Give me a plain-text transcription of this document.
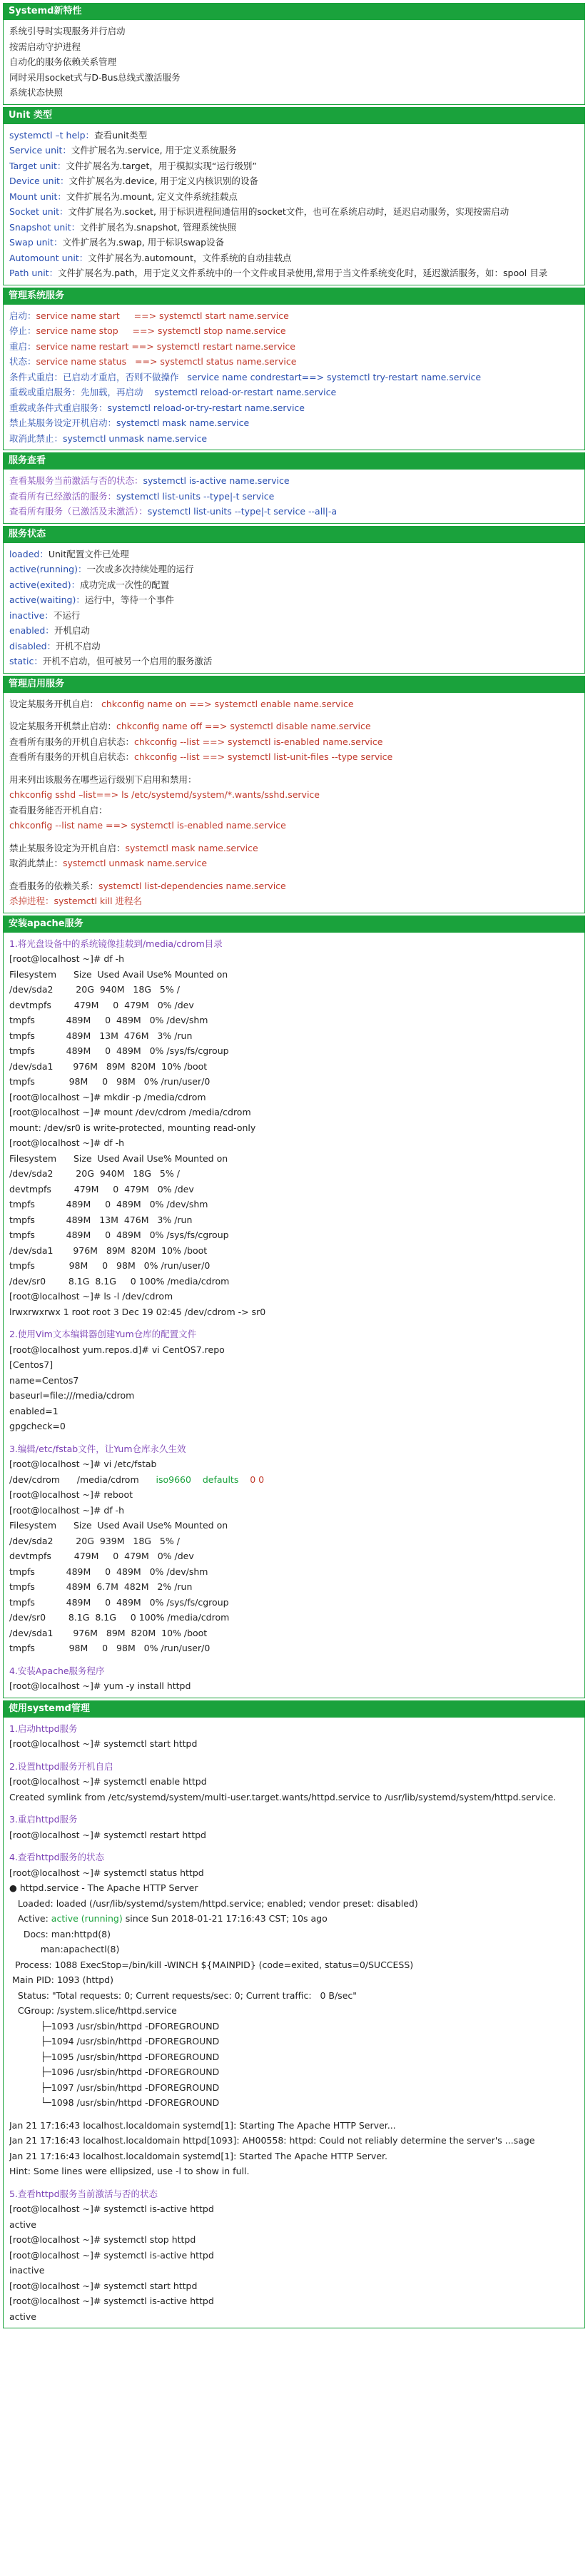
Systemd新特性
系统引导时实现服务并行启动
按需启动守护进程
自动化的服务依赖关系管理
同时采用socket式与D-Bus总线式激活服务
系统状态快照
Unit 类型
systemctl –t help：查看unit类型
Service unit：文件扩展名为.service, 用于定义系统服务
Target unit：文件扩展名为.target，用于模拟实现“运行级别”
Device unit：文件扩展名为.device, 用于定义内核识别的设备
Mount unit：文件扩展名为.mount, 定义文件系统挂载点
Socket unit：文件扩展名为.socket, 用于标识进程间通信用的socket文件，也可在系统启动时，延迟启动服务，实现按需启动
Snapshot unit：文件扩展名为.snapshot, 管理系统快照
Swap unit：文件扩展名为.swap, 用于标识swap设备
Automount unit：文件扩展名为.automount，文件系统的自动挂载点
Path unit：文件扩展名为.path，用于定义文件系统中的一个文件或目录使用,常用于当文件系统变化时，延迟激活服务，如：spool 目录
管理系统服务
启动：service name start     ==> systemctl start name.service
停止：service name stop     ==> systemctl stop name.service
重启：service name restart ==> systemctl restart name.service
状态：service name status   ==> systemctl status name.service
条件式重启：已启动才重启，否则不做操作   service name condrestart==> systemctl try-restart name.service
重载或重启服务：先加载，再启动    systemctl reload-or-restart name.service
重载或条件式重启服务：systemctl reload-or-try-restart name.service
禁止某服务设定开机启动：systemctl mask name.service
取消此禁止：systemctl unmask name.service
服务查看
查看某服务当前激活与否的状态：systemctl is-active name.service
查看所有已经激活的服务：systemctl list-units --type|-t service
查看所有服务（已激活及未激活）：systemctl list-units --type|-t service --all|-a
服务状态
loaded：Unit配置文件已处理
active(running)：一次或多次持续处理的运行
active(exited)：成功完成一次性的配置
active(waiting)：运行中，等待一个事件
inactive：不运行
enabled：开机启动
disabled：开机不启动
static：开机不启动，但可被另一个启用的服务激活
管理启用服务
设定某服务开机自启： chkconfig name on ==> systemctl enable name.service
设定某服务开机禁止启动：chkconfig name off ==> systemctl disable name.service
查看所有服务的开机自启状态：chkconfig --list ==> systemctl is-enabled name.service
查看所有服务的开机自启状态：chkconfig --list ==> systemctl list-unit-files --type service
用来列出该服务在哪些运行级别下启用和禁用：
chkconfig sshd –list==> ls /etc/systemd/system/*.wants/sshd.service
查看服务能否开机自启：
chkconfig --list name ==> systemctl is-enabled name.service
禁止某服务设定为开机自启：systemctl mask name.service
取消此禁止：systemctl unmask name.service
查看服务的依赖关系：systemctl list-dependencies name.service
杀掉进程：systemctl kill 进程名
安装apache服务
1.将光盘设备中的系统镜像挂载到/media/cdrom目录
[root@localhost ~]# df -h
Filesystem      Size  Used Avail Use% Mounted on
/dev/sda2        20G  940M   18G   5% /
devtmpfs        479M     0  479M   0% /dev
tmpfs           489M     0  489M   0% /dev/shm
tmpfs           489M   13M  476M   3% /run
tmpfs           489M     0  489M   0% /sys/fs/cgroup
/dev/sda1       976M   89M  820M  10% /boot
tmpfs            98M     0   98M   0% /run/user/0
[root@localhost ~]# mkdir -p /media/cdrom
[root@localhost ~]# mount /dev/cdrom /media/cdrom
mount: /dev/sr0 is write-protected, mounting read-only
[root@localhost ~]# df -h
Filesystem      Size  Used Avail Use% Mounted on
/dev/sda2        20G  940M   18G   5% /
devtmpfs        479M     0  479M   0% /dev
tmpfs           489M     0  489M   0% /dev/shm
tmpfs           489M   13M  476M   3% /run
tmpfs           489M     0  489M   0% /sys/fs/cgroup
/dev/sda1       976M   89M  820M  10% /boot
tmpfs            98M     0   98M   0% /run/user/0
/dev/sr0        8.1G  8.1G     0 100% /media/cdrom
[root@localhost ~]# ls -l /dev/cdrom
lrwxrwxrwx 1 root root 3 Dec 19 02:45 /dev/cdrom -> sr0
2.使用Vim文本编辑器创建Yum仓库的配置文件
[root@localhost yum.repos.d]# vi CentOS7.repo
[Centos7]
name=Centos7
baseurl=file:///media/cdrom
enabled=1
gpgcheck=0
3.编辑/etc/fstab文件，让Yum仓库永久生效
[root@localhost ~]# vi /etc/fstab
/dev/cdrom      /media/cdrom      iso9660    defaults    0 0
[root@localhost ~]# reboot
[root@localhost ~]# df -h
Filesystem      Size  Used Avail Use% Mounted on
/dev/sda2        20G  939M   18G   5% /
devtmpfs        479M     0  479M   0% /dev
tmpfs           489M     0  489M   0% /dev/shm
tmpfs           489M  6.7M  482M   2% /run
tmpfs           489M     0  489M   0% /sys/fs/cgroup
/dev/sr0        8.1G  8.1G     0 100% /media/cdrom
/dev/sda1       976M   89M  820M  10% /boot
tmpfs            98M     0   98M   0% /run/user/0
4.安装Apache服务程序
[root@localhost ~]# yum -y install httpd
使用systemd管理
1.启动httpd服务
[root@localhost ~]# systemctl start httpd
2.设置httpd服务开机自启
[root@localhost ~]# systemctl enable httpd
Created symlink from /etc/systemd/system/multi-user.target.wants/httpd.service to /usr/lib/systemd/system/httpd.service.
3.重启httpd服务
[root@localhost ~]# systemctl restart httpd
4.查看httpd服务的状态
[root@localhost ~]# systemctl status httpd
● httpd.service - The Apache HTTP Server
Loaded: loaded (/usr/lib/systemd/system/httpd.service; enabled; vendor preset: disabled)
Active: active (running) since Sun 2018-01-21 17:16:43 CST; 10s ago
Docs: man:httpd(8)
man:apachectl(8)
Process: 1088 ExecStop=/bin/kill -WINCH ${MAINPID} (code=exited, status=0/SUCCESS)
Main PID: 1093 (httpd)
Status: "Total requests: 0; Current requests/sec: 0; Current traffic:   0 B/sec"
CGroup: /system.slice/httpd.service
├─1093 /usr/sbin/httpd -DFOREGROUND
├─1094 /usr/sbin/httpd -DFOREGROUND
├─1095 /usr/sbin/httpd -DFOREGROUND
├─1096 /usr/sbin/httpd -DFOREGROUND
├─1097 /usr/sbin/httpd -DFOREGROUND
└─1098 /usr/sbin/httpd -DFOREGROUND
Jan 21 17:16:43 localhost.localdomain systemd[1]: Starting The Apache HTTP Server...
Jan 21 17:16:43 localhost.localdomain httpd[1093]: AH00558: httpd: Could not reliably determine the server's ...sage
Jan 21 17:16:43 localhost.localdomain systemd[1]: Started The Apache HTTP Server.
Hint: Some lines were ellipsized, use -l to show in full.
5.查看httpd服务当前激活与否的状态
[root@localhost ~]# systemctl is-active httpd
active
[root@localhost ~]# systemctl stop httpd
[root@localhost ~]# systemctl is-active httpd
inactive
[root@localhost ~]# systemctl start httpd
[root@localhost ~]# systemctl is-active httpd
active
